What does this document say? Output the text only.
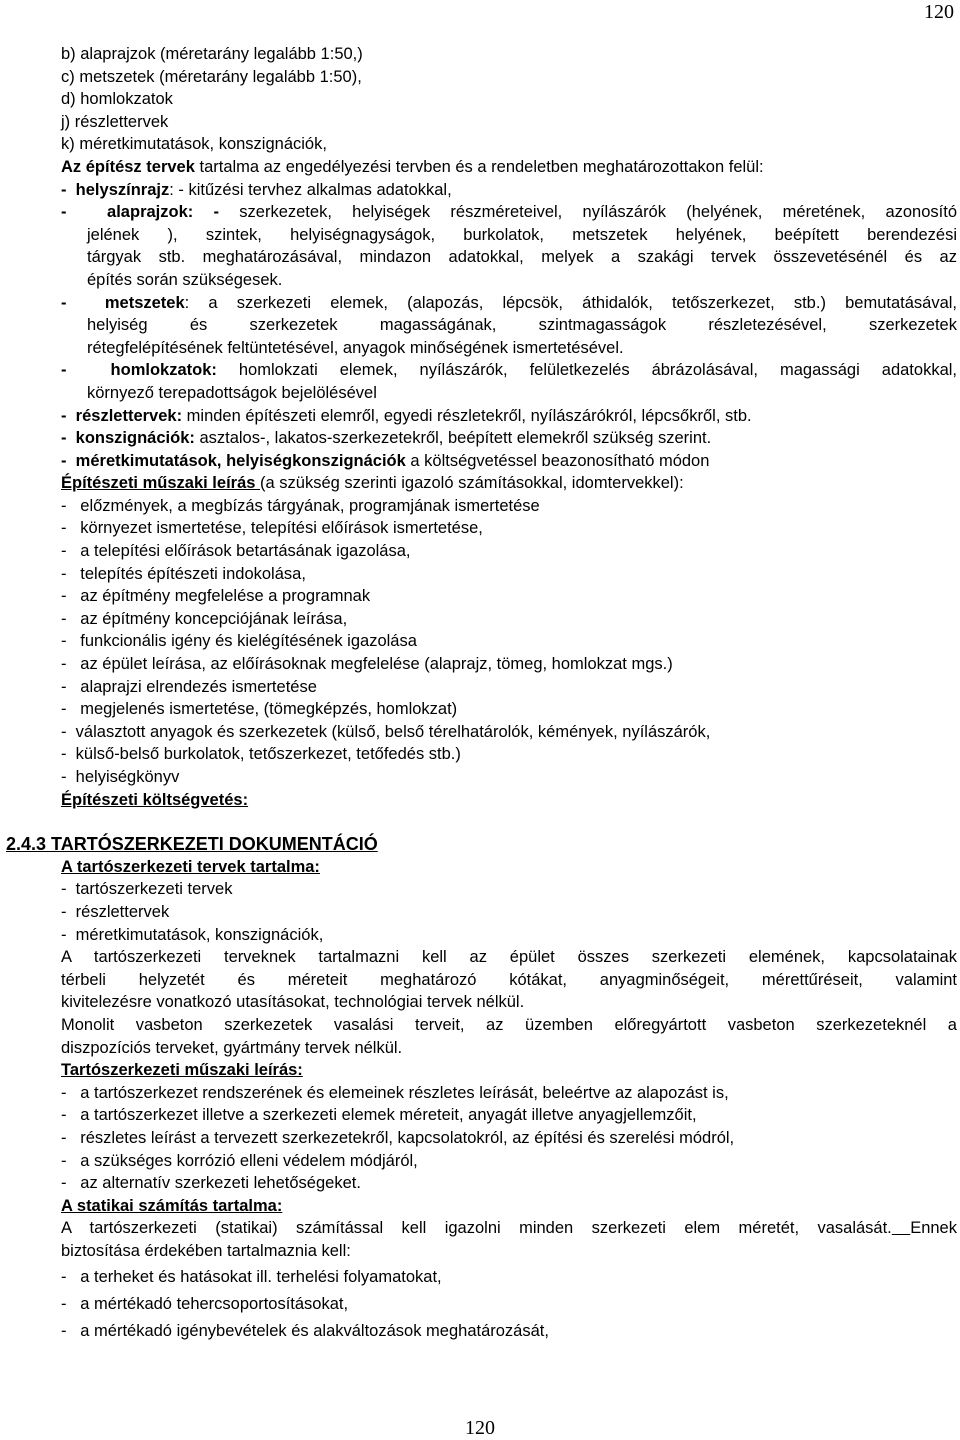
120
b) alaprajzok (méretarány legalább 1:50,)
c) metszetek (méretarány legalább 1:50),
d) homlokzatok
j) részlettervek
k) méretkimutatások, konszignációk,
Az építész tervek tartalma az engedélyezési tervben és a rendeletben meghatározottakon felül:
- helyszínrajz: - kitűzési tervhez alkalmas adatokkal,
- alaprajzok: - szerkezetek, helyiségek részméreteivel, nyílászárók (helyének, méretének, azonosító
jelének ), szintek, helyiségnagyságok, burkolatok, metszetek helyének, beépített berendezési
tárgyak stb. meghatározásával, mindazon adatokkal, melyek a szakági tervek összevetésénél és az
építés során szükségesek.
- metszetek: a szerkezeti elemek, (alapozás, lépcsök, áthidalók, tetőszerkezet, stb.) bemutatásával,
helyiség és szerkezetek magasságának, szintmagasságok részletezésével, szerkezetek
rétegfelépítésének feltüntetésével, anyagok minőségének ismertetésével.
-	homlokzatok: homlokzati elemek, nyílászárók, felületkezelés ábrázolásával, magassági adatokkal,
környező terepadottságok bejelölésével
- részlettervek: minden építészeti elemről, egyedi részletekről, nyílászárókról, lépcsőkről, stb.
- konszignációk: asztalos-, lakatos-szerkezetekről, beépített elemekről szükség szerint.
- méretkimutatások, helyiségkonszignációk a költségvetéssel beazonosítható módon
Építészeti műszaki leírás (a szükség szerinti igazoló számításokkal, idomtervekkel):
- előzmények, a megbízás tárgyának, programjának ismertetése
- környezet ismertetése, telepítési előírások ismertetése,
- a telepítési előírások betartásának igazolása,
- telepítés építészeti indokolása,
- az építmény megfelelése a programnak
- az építmény koncepciójának leírása,
- funkcionális igény és kielégítésének igazolása
- az épület leírása, az előírásoknak megfelelése (alaprajz, tömeg, homlokzat mgs.)
- alaprajzi elrendezés ismertetése
- megjelenés ismertetése, (tömegképzés, homlokzat)
- választott anyagok és szerkezetek (külső, belső térelhatárolók, kémények, nyílászárók,
- külső-belső burkolatok, tetőszerkezet, tetőfedés stb.)
- helyiségkönyv
Építészeti költségvetés:
2.4.3 TARTÓSZERKEZETI DOKUMENTÁCIÓ
A tartószerkezeti tervek tartalma:
- tartószerkezeti tervek
- részlettervek
- méretkimutatások, konszignációk,
A tartószerkezeti terveknek tartalmazni kell az épület összes szerkezeti elemének, kapcsolatainak
térbeli helyzetét és méreteit meghatározó kótákat, anyagminőségeit, mérettűréseit, valamint
kivitelezésre vonatkozó utasításokat, technológiai tervek nélkül.
Monolit vasbeton szerkezetek vasalási terveit, az üzemben előregyártott vasbeton szerkezeteknél a
diszpozíciós terveket, gyártmány tervek nélkül.
Tartószerkezeti műszaki leírás:
- a tartószerkezet rendszerének és elemeinek részletes leírását, beleértve az alapozást is,
- a tartószerkezet illetve a szerkezeti elemek méreteit, anyagát illetve anyagjellemzőit,
- részletes leírást a tervezett szerkezetekről, kapcsolatokról, az építési és szerelési módról,
- a szükséges korrózió elleni védelem módjáról,
- az alternatív szerkezeti lehetőségeket.
A statikai számítás tartalma:
A tartószerkezeti (statikai) számítással kell igazolni minden szerkezeti elem méretét, vasalását. Ennek
biztosítása érdekében tartalmaznia kell:
- a terheket és hatásokat ill. terhelési folyamatokat,
- a mértékadó tehercsoportosításokat,
- a mértékadó igénybevételek és alakváltozások meghatározását,
120
